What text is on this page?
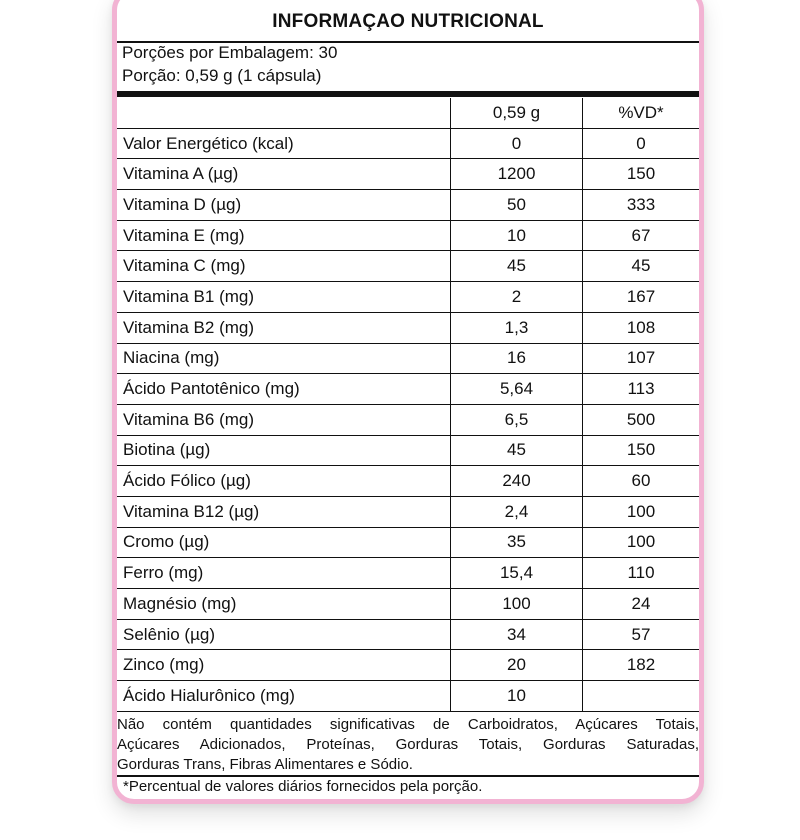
INFORMAÇAO NUTRICIONAL
Porções por Embalagem: 30
Porção: 0,59 g (1 cápsula)
	0,59 g	%VD*
Valor Energético (kcal)	0	0
Vitamina A (µg)	1200	150
Vitamina D (µg)	50	333
Vitamina E (mg)	10	67
Vitamina C (mg)	45	45
Vitamina B1 (mg)	2	167
Vitamina B2 (mg)	1,3	108
Niacina (mg)	16	107
Ácido Pantotênico (mg)	5,64	113
Vitamina B6 (mg)	6,5	500
Biotina (µg)	45	150
Ácido Fólico (µg)	240	60
Vitamina B12 (µg)	2,4	100
Cromo (µg)	35	100
Ferro (mg)	15,4	110
Magnésio (mg)	100	24
Selênio (µg)	34	57
Zinco (mg)	20	182
Ácido Hialurônico (mg)	10	
Não contém quantidades significativas de Carboidratos, Açúcares Totais,
Açúcares Adicionados, Proteínas, Gorduras Totais, Gorduras Saturadas,
Gorduras Trans, Fibras Alimentares e Sódio.
*Percentual de valores diários fornecidos pela porção.
